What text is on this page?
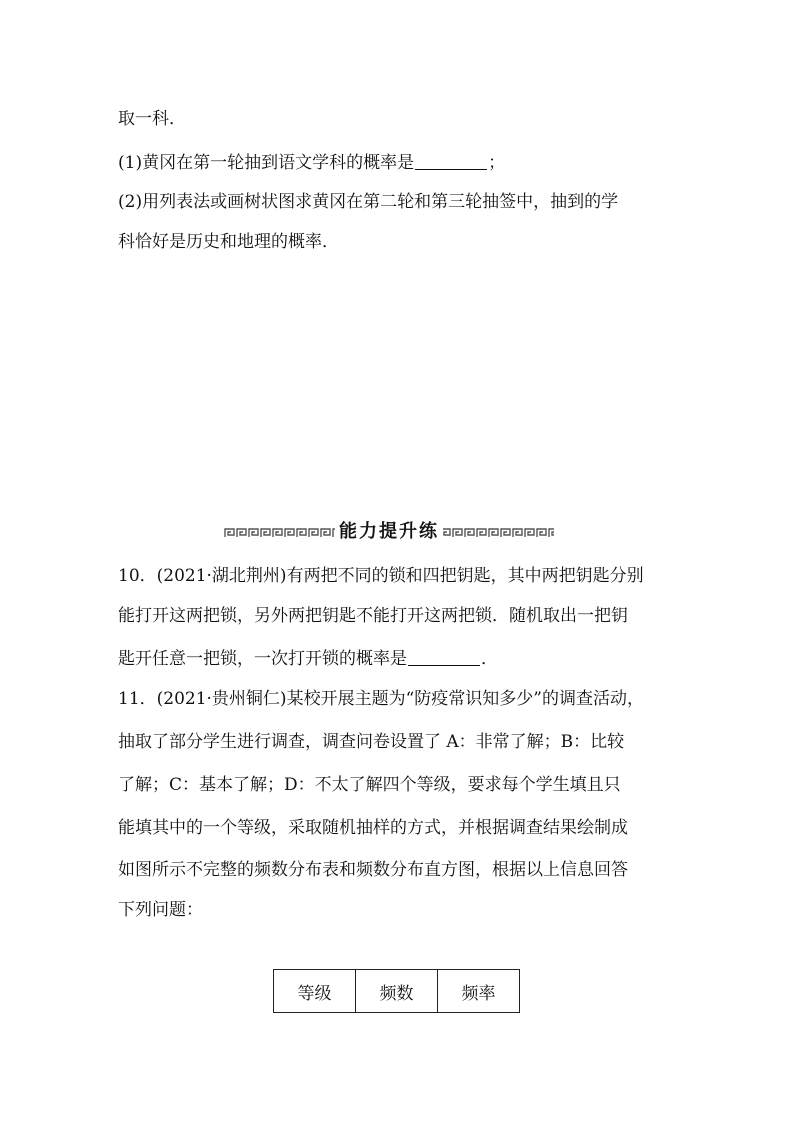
取一科．
(1)黄冈在第一轮抽到语文学科的概率是	；
(2)用列表法或画树状图求黄冈在第二轮和第三轮抽签中，抽到的学
科恰好是历史和地理的概率．
能力提升练
10．(2021·湖北荆州)有两把不同的锁和四把钥匙，其中两把钥匙分别
能打开这两把锁，另外两把钥匙不能打开这两把锁．随机取出一把钥
匙开任意一把锁，一次打开锁的概率是	．
11．(2021·贵州铜仁)某校开展主题为“防疫常识知多少”的调查活动，
抽取了部分学生进行调查，调查问卷设置了 A：非常了解；B：比较
了解；C：基本了解；D：不太了解四个等级，要求每个学生填且只
能填其中的一个等级，采取随机抽样的方式，并根据调查结果绘制成
如图所示不完整的频数分布表和频数分布直方图，根据以上信息回答
下列问题：
等级	频数	频率
